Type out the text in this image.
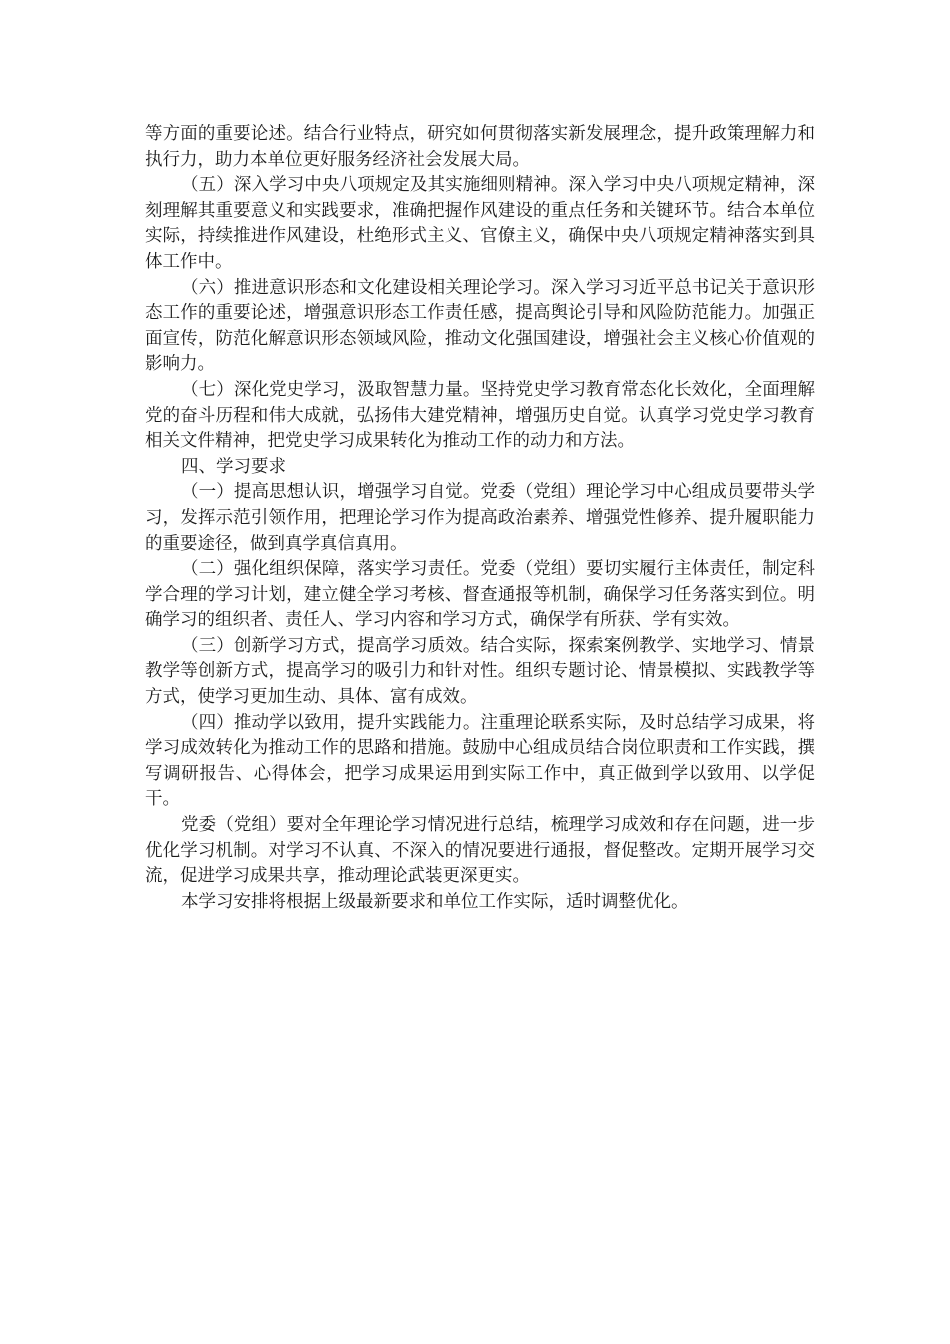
等方面的重要论述。结合行业特点，研究如何贯彻落实新发展理念，提升政策理解力和执行力，助力本单位更好服务经济社会发展大局。

（五）深入学习中央八项规定及其实施细则精神。深入学习中央八项规定精神，深刻理解其重要意义和实践要求，准确把握作风建设的重点任务和关键环节。结合本单位实际，持续推进作风建设，杜绝形式主义、官僚主义，确保中央八项规定精神落实到具体工作中。

（六）推进意识形态和文化建设相关理论学习。深入学习习近平总书记关于意识形态工作的重要论述，增强意识形态工作责任感，提高舆论引导和风险防范能力。加强正面宣传，防范化解意识形态领域风险，推动文化强国建设，增强社会主义核心价值观的影响力。

（七）深化党史学习，汲取智慧力量。坚持党史学习教育常态化长效化，全面理解党的奋斗历程和伟大成就，弘扬伟大建党精神，增强历史自觉。认真学习党史学习教育相关文件精神，把党史学习成果转化为推动工作的动力和方法。

四、学习要求

（一）提高思想认识，增强学习自觉。党委（党组）理论学习中心组成员要带头学习，发挥示范引领作用，把理论学习作为提高政治素养、增强党性修养、提升履职能力的重要途径，做到真学真信真用。

（二）强化组织保障，落实学习责任。党委（党组）要切实履行主体责任，制定科学合理的学习计划，建立健全学习考核、督查通报等机制，确保学习任务落实到位。明确学习的组织者、责任人、学习内容和学习方式，确保学有所获、学有实效。

（三）创新学习方式，提高学习质效。结合实际，探索案例教学、实地学习、情景教学等创新方式，提高学习的吸引力和针对性。组织专题讨论、情景模拟、实践教学等方式，使学习更加生动、具体、富有成效。

（四）推动学以致用，提升实践能力。注重理论联系实际，及时总结学习成果，将学习成效转化为推动工作的思路和措施。鼓励中心组成员结合岗位职责和工作实践，撰写调研报告、心得体会，把学习成果运用到实际工作中，真正做到学以致用、以学促干。

党委（党组）要对全年理论学习情况进行总结，梳理学习成效和存在问题，进一步优化学习机制。对学习不认真、不深入的情况要进行通报，督促整改。定期开展学习交流，促进学习成果共享，推动理论武装更深更实。

本学习安排将根据上级最新要求和单位工作实际，适时调整优化。
